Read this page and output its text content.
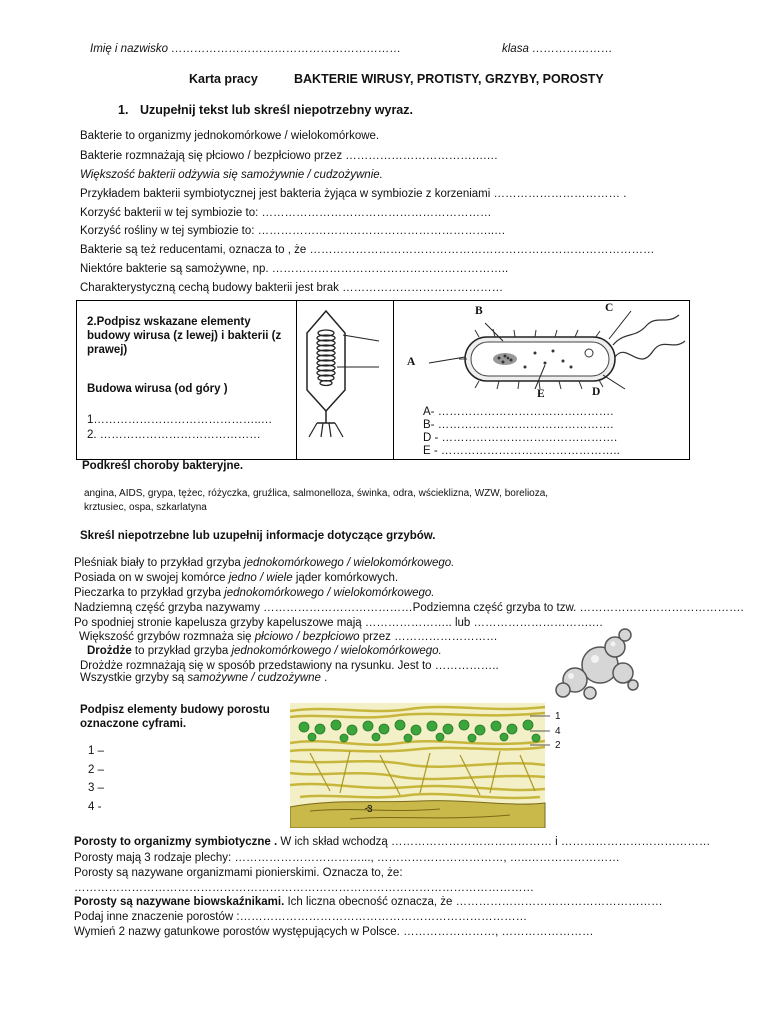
Imię i nazwisko ……………………………………………………	klasa …………………
Karta pracy	BAKTERIE WIRUSY, PROTISTY, GRZYBY, POROSTY
1. Uzupełnij tekst lub skreśl niepotrzebny wyraz.
Bakterie to organizmy jednokomórkowe / wielokomórkowe.
Bakterie rozmnażają się płciowo / bezpłciowo przez ……………………………….…
Większość bakterii odżywia się samożywnie / cudzożywnie.
Przykładem bakterii symbiotycznej jest bakteria żyjąca w symbiozie z korzeniami …………………………… .
Korzyść bakterii w tej symbiozie to: ……………………………………………………
Korzyść rośliny w tej symbiozie to: ……………………………………………………..…
Bakterie są też reducentami, oznacza to , że ………………………………………………………………………………
Niektóre bakterie są samożywne, np. ……………………………………………………..
Charakterystyczną cechą budowy bakterii jest brak ……………………………………
2.Podpisz wskazane elementy budowy wirusa (z lewej) i bakterii (z prawej)
Budowa wirusa (od góry )
1……………………………………..…
2. ……………………………………
A
B	C
D
E
A- ……………………………………….
B- ……………………………………….
D - ……………………………………….
E - ………………………………………..
Podkreśl choroby bakteryjne.
angina, AIDS, grypa, tężec, różyczka, gruźlica, salmonelloza, świnka, odra, wścieklizna, WZW, borelioza,
krztusiec, ospa, szkarlatyna
Skreśl niepotrzebne lub uzupełnij informacje dotyczące grzybów.
Pleśniak biały to przykład grzyba jednokomórkowego / wielokomórkowego.
Posiada on w swojej komórce jedno / wiele jąder komórkowych.
Pieczarka to przykład grzyba jednokomórkowego / wielokomórkowego.
Nadziemną część grzyba nazywamy …………………………………Podziemna część grzyba to tzw. …………………………………….
Po spodniej stronie kapelusza grzyby kapeluszowe mają ………………….. lub ………………………….…
Większość grzybów rozmnaża się płciowo / bezpłciowo przez ………………………
Drożdże to przykład grzyba jednokomórkowego / wielokomórkowego.
Drożdże rozmnażają się w sposób przedstawiony na rysunku. Jest to ……………..
Wszystkie grzyby są samożywne / cudzożywne .
Podpisz elementy budowy porostu oznaczone cyframi.
1 –
2 –
3 –
4 -
1
4
2
3
Porosty to organizmy symbiotyczne . W ich skład wchodzą …………………………………… i …………………………………
Porosty mają 3 rodzaje plechy: ……………………………..., ……………………………, …..……………………
Porosty są nazywane organizmami pionierskimi. Oznacza to, że:
…………………………………………………………………………………………………………
Porosty są nazywane biowskaźnikami. Ich liczna obecność oznacza, że ………………………………………………
Podaj inne znaczenie porostów :…………………………………………………………………
Wymień 2 nazwy gatunkowe porostów występujących w Polsce. ……………………, ……………………
